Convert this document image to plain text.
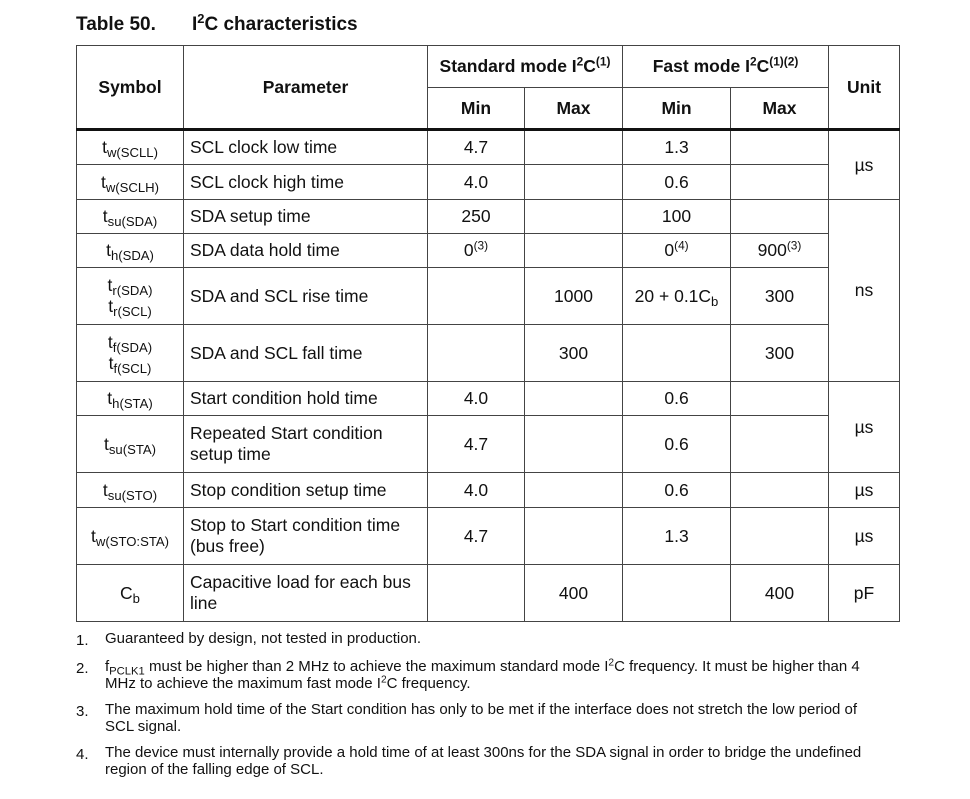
Table 50. $I^2C$ characteristics
Symbol	Parameter	Standard mode $I^2C^{(1)}$		Fast mode $I^2C^{(1)(2)}$		Unit
		Min	Max	Min	Max	
$t_{w(SCLL)}$	SCL clock low time	4.7		1.3		µs
$t_{w(SCLH)}$	SCL clock high time	4.0		0.6		
$t_{su(SDA)}$	SDA setup time	250		100		ns
$t_{h(SDA)}$	SDA data hold time	0$^{(3)}$		0$^{(4)}$	900$^{(3)}$

$t_{r(SDA)}$
$t_{r(SCL)}$	SDA and SCL rise time		1000	$20 + 0.1C_b$	300	

$t_{f(SDA)}$
$t_{f(SCL)}$	SDA and SCL fall time		300		300	
$t_{h(STA)}$	Start condition hold time	4.0		0.6		µs
$t_{su(STA)}$	Repeated Start condition
setup time	4.7		0.6		
$t_{su(STO)}$	Stop condition setup time	4.0		0.6		µs
$t_{w(STO:STA)}$	Stop to Start condition time
(bus free)	4.7		1.3		µs
$C_b$	Capacitive load for each bus
line		400		400	pF
1.	Guaranteed by design, not tested in production.
2.	$f_{PCLK1}$ must be higher than 2 MHz to achieve the maximum standard mode $I^2C$ frequency. It must be higher than 4 MHz to achieve the maximum fast mode $I^2C$ frequency.
3.	The maximum hold time of the Start condition has only to be met if the interface does not stretch the low period of SCL signal.
4.	The device must internally provide a hold time of at least 300ns for the SDA signal in order to bridge the undefined region of the falling edge of SCL.
